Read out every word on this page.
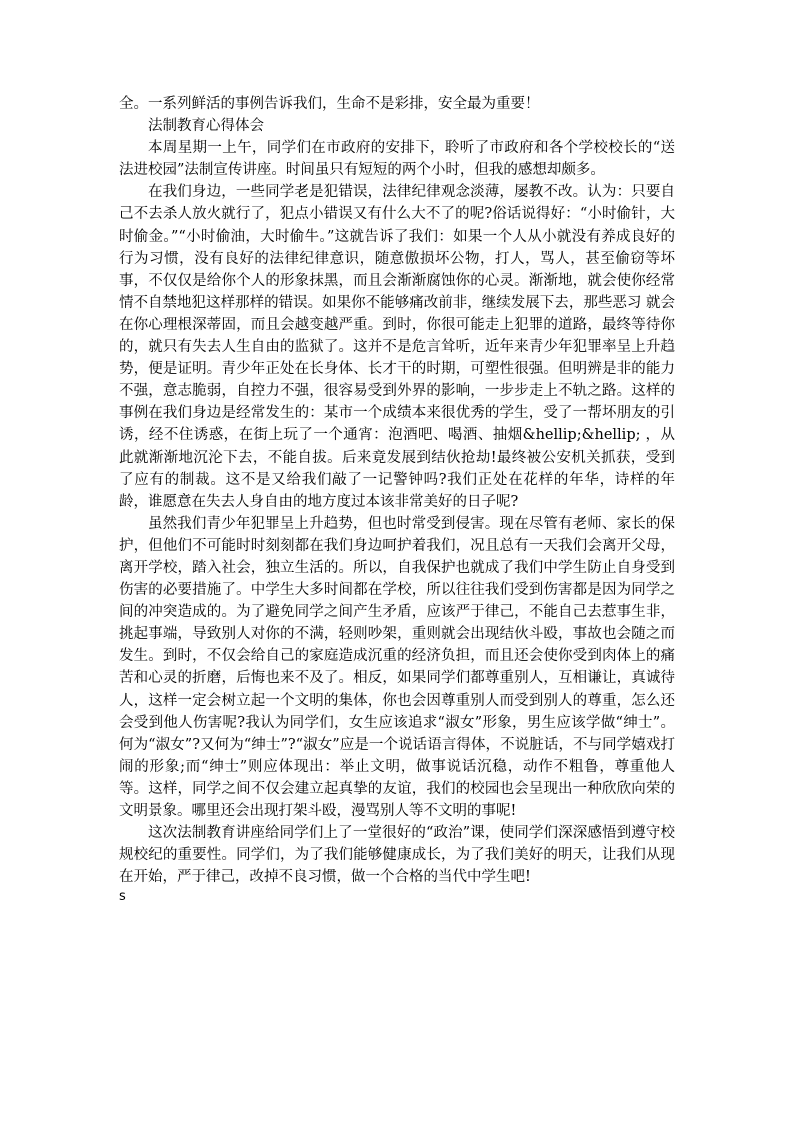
全。一系列鲜活的事例告诉我们，生命不是彩排，安全最为重要！

法制教育心得体会

本周星期一上午，同学们在市政府的安排下，聆听了市政府和各个学校校长的“送法进校园”法制宣传讲座。时间虽只有短短的两个小时，但我的感想却颇多。

在我们身边，一些同学老是犯错误，法律纪律观念淡薄，屡教不改。认为：只要自己不去杀人放火就行了，犯点小错误又有什么大不了的呢?俗话说得好：“小时偷针，大时偷金。”“小时偷油，大时偷牛。”这就告诉了我们：如果一个人从小就没有养成良好的行为习惯，没有良好的法律纪律意识，随意傲损坏公物，打人，骂人，甚至偷窃等坏事，不仅仅是给你个人的形象抹黑，而且会渐渐腐蚀你的心灵。渐渐地，就会使你经常情不自禁地犯这样那样的错误。如果你不能够痛改前非，继续发展下去，那些恶习 就会在你心理根深蒂固，而且会越变越严重。到时，你很可能走上犯罪的道路，最终等待你的，就只有失去人生自由的监狱了。这并不是危言耸听，近年来青少年犯罪率呈上升趋势，便是证明。青少年正处在长身体、长才干的时期，可塑性很强。但明辨是非的能力不强，意志脆弱，自控力不强，很容易受到外界的影响，一步步走上不轨之路。这样的事例在我们身边是经常发生的：某市一个成绩本来很优秀的学生，受了一帮坏朋友的引诱，经不住诱惑，在街上玩了一个通宵：泡酒吧、喝酒、抽烟&hellip;&hellip; ，从此就渐渐地沉沦下去，不能自拔。后来竟发展到结伙抢劫!最终被公安机关抓获，受到了应有的制裁。这不是又给我们敲了一记警钟吗?我们正处在花样的年华，诗样的年龄，谁愿意在失去人身自由的地方度过本该非常美好的日子呢?

虽然我们青少年犯罪呈上升趋势，但也时常受到侵害。现在尽管有老师、家长的保护，但他们不可能时时刻刻都在我们身边呵护着我们，况且总有一天我们会离开父母，离开学校，踏入社会，独立生活的。所以，自我保护也就成了我们中学生防止自身受到伤害的必要措施了。中学生大多时间都在学校，所以往往我们受到伤害都是因为同学之间的冲突造成的。为了避免同学之间产生矛盾，应该严于律己，不能自己去惹事生非，挑起事端，导致别人对你的不满，轻则吵架，重则就会出现结伙斗殴，事故也会随之而发生。到时，不仅会给自己的家庭造成沉重的经济负担，而且还会使你受到肉体上的痛苦和心灵的折磨，后悔也来不及了。相反，如果同学们都尊重别人，互相谦让，真诚待人，这样一定会树立起一个文明的集体，你也会因尊重别人而受到别人的尊重，怎么还会受到他人伤害呢?我认为同学们，女生应该追求“淑女”形象，男生应该学做“绅士”。何为“淑女”?又何为“绅士”?“淑女”应是一个说话语言得体，不说脏话，不与同学嬉戏打闹的形象;而“绅士”则应体现出：举止文明，做事说话沉稳，动作不粗鲁，尊重他人等。这样，同学之间不仅会建立起真挚的友谊，我们的校园也会呈现出一种欣欣向荣的文明景象。哪里还会出现打架斗殴，漫骂别人等不文明的事呢!

这次法制教育讲座给同学们上了一堂很好的“政治”课，使同学们深深感悟到遵守校规校纪的重要性。同学们，为了我们能够健康成长，为了我们美好的明天，让我们从现在开始，严于律己，改掉不良习惯，做一个合格的当代中学生吧!

s
